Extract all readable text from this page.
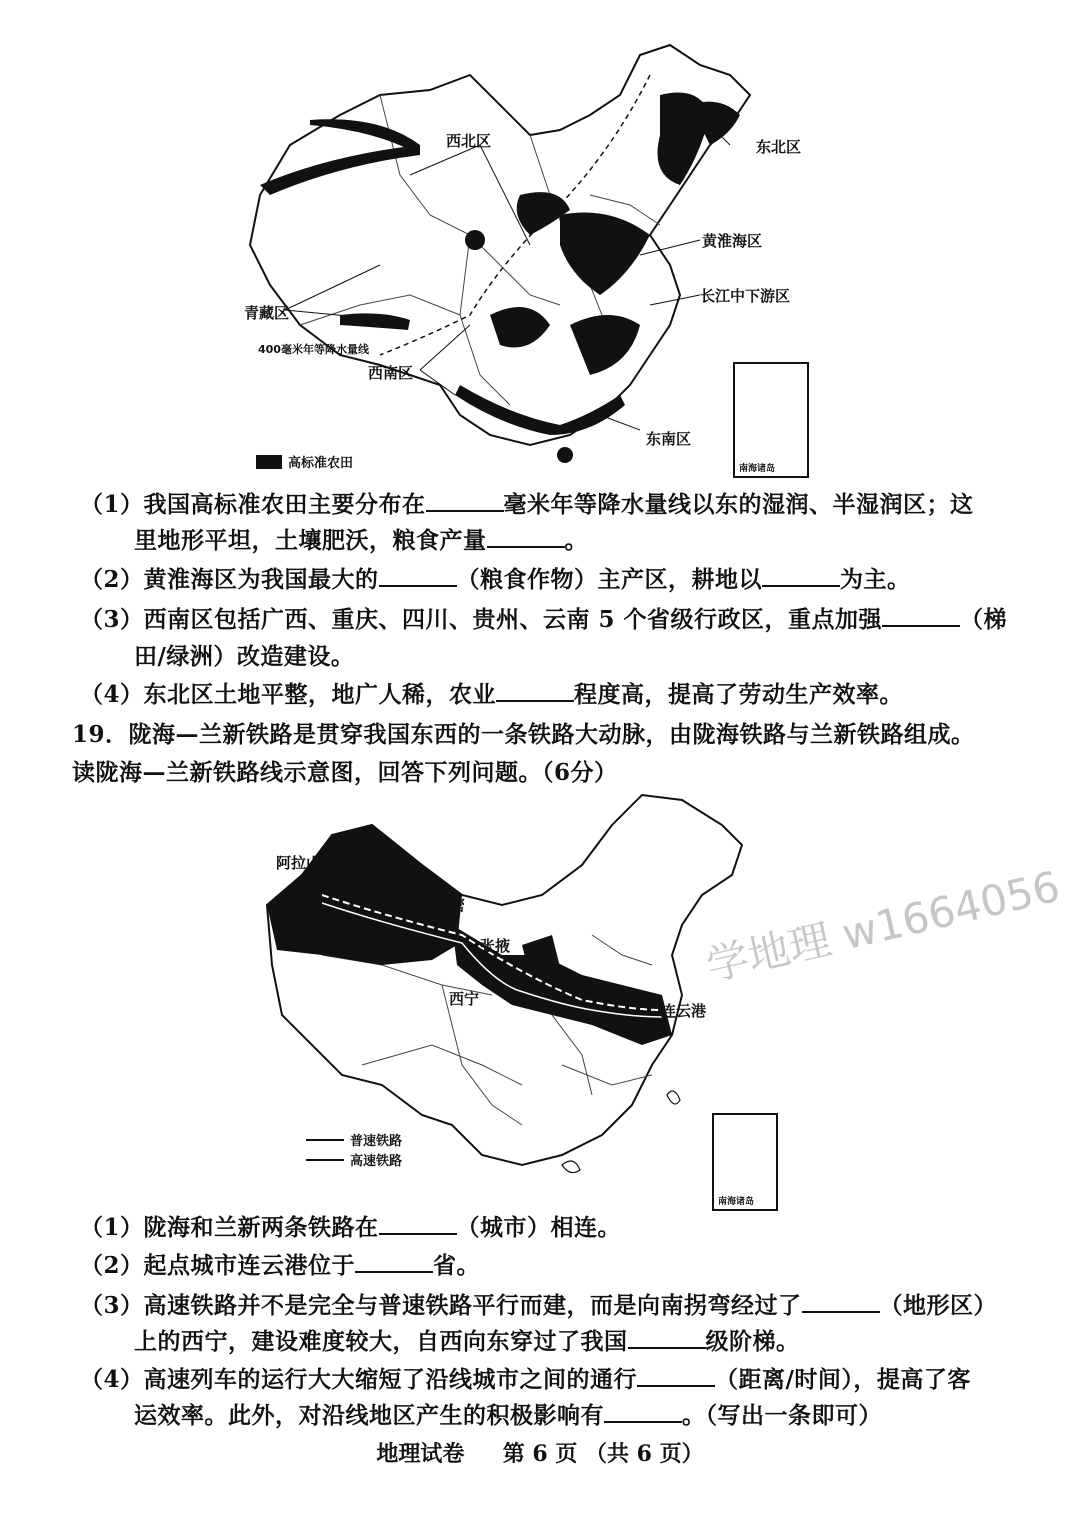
西北区	东北区
黄淮海区
长江中下游区
青藏区
400毫米年等降水量线
西南区
东南区
南海诸岛
高标准农田
（1）我国高标准农田主要分布在	毫米年等降水量线以东的湿润、半湿润区；这
里地形平坦，土壤肥沃，粮食产量	。
（2）黄淮海区为我国最大的	（粮食作物）主产区，耕地以	为主。
（3）西南区包括广西、重庆、四川、贵州、云南 5 个省级行政区，重点加强	（梯
田/绿洲）改造建设。
（4）东北区土地平整，地广人稀，农业	程度高，提高了劳动生产效率。
19．陇海—兰新铁路是贯穿我国东西的一条铁路大动脉，由陇海铁路与兰新铁路组成。
读陇海—兰新铁路线示意图，回答下列问题。（6分）
阿拉山口
密
张掖
西宁
连云港
南海诸岛
普速铁路
高速铁路
学地理 w1664056
（1）陇海和兰新两条铁路在	（城市）相连。
（2）起点城市连云港位于	省。
（3）高速铁路并不是完全与普速铁路平行而建，而是向南拐弯经过了	（地形区）
上的西宁，建设难度较大，自西向东穿过了我国	级阶梯。
（4）高速列车的运行大大缩短了沿线城市之间的通行	（距离/时间），提高了客
运效率。此外，对沿线地区产生的积极影响有	。（写出一条即可）
地理试卷 第 6 页 （共 6 页）
